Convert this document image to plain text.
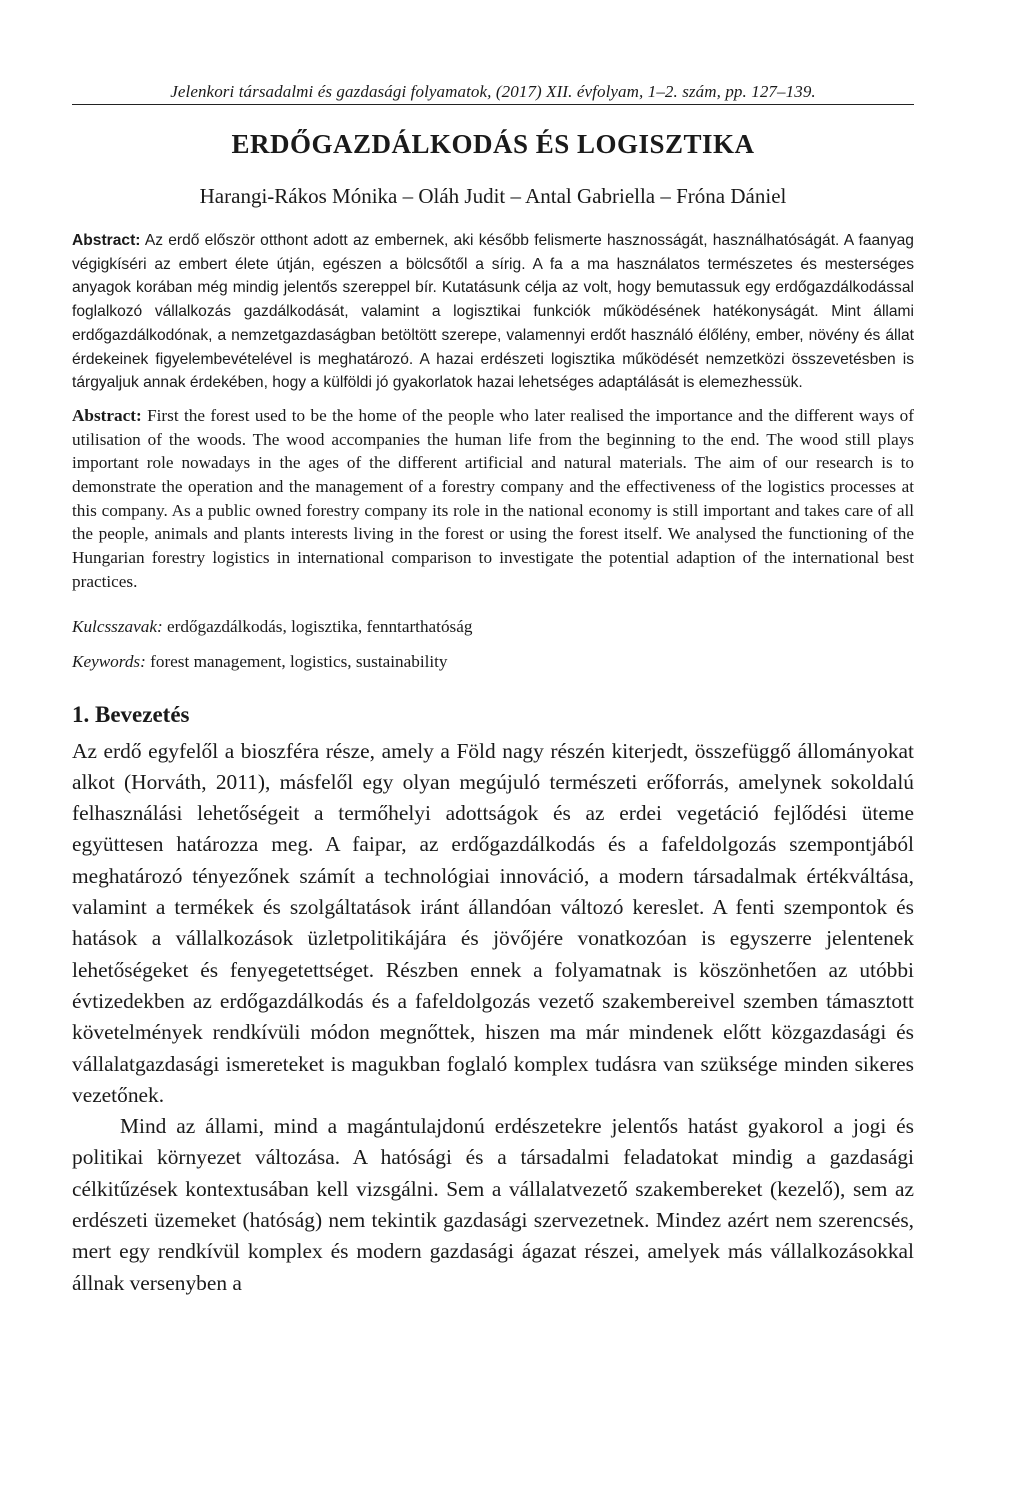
Jelenkori társadalmi és gazdasági folyamatok, (2017) XII. évfolyam, 1–2. szám, pp. 127–139.
ERDŐGAZDÁLKODÁS ÉS LOGISZTIKA
Harangi-Rákos Mónika – Oláh Judit – Antal Gabriella – Fróna Dániel
Abstract: Az erdő először otthont adott az embernek, aki később felismerte hasznosságát, használhatóságát. A faanyag végigkíséri az embert élete útján, egészen a bölcsőtől a sírig. A fa a ma használatos természetes és mesterséges anyagok korában még mindig jelentős szereppel bír. Kutatásunk célja az volt, hogy bemutassuk egy erdőgazdálkodással foglalkozó vállalkozás gazdálkodását, valamint a logisztikai funkciók működésének hatékonyságát. Mint állami erdőgazdálkodónak, a nemzetgazdaságban betöltött szerepe, valamennyi erdőt használó élőlény, ember, növény és állat érdekeinek figyelembevételével is meghatározó. A hazai erdészeti logisztika működését nemzetközi összevetésben is tárgyaljuk annak érdekében, hogy a külföldi jó gyakorlatok hazai lehetséges adaptálását is elemezhessük.
Abstract: First the forest used to be the home of the people who later realised the importance and the different ways of utilisation of the woods. The wood accompanies the human life from the beginning to the end. The wood still plays important role nowadays in the ages of the different artificial and natural materials. The aim of our research is to demonstrate the operation and the management of a forestry company and the effectiveness of the logistics processes at this company. As a public owned forestry company its role in the national economy is still important and takes care of all the people, animals and plants interests living in the forest or using the forest itself. We analysed the functioning of the Hungarian forestry logistics in international comparison to investigate the potential adaption of the international best practices.
Kulcsszavak: erdőgazdálkodás, logisztika, fenntarthatóság
Keywords: forest management, logistics, sustainability
1. Bevezetés

Az erdő egyfelől a bioszféra része, amely a Föld nagy részén kiterjedt, összefüggő állományokat alkot (Horváth, 2011), másfelől egy olyan megújuló természeti erőforrás, amelynek sokoldalú felhasználási lehetőségeit a termőhelyi adottságok és az erdei vegetáció fejlődési üteme együttesen határozza meg. A faipar, az erdőgazdálkodás és a fafeldolgozás szempontjából meghatározó tényezőnek számít a technológiai innováció, a modern társadalmak értékváltása, valamint a termékek és szolgáltatások iránt állandóan változó kereslet. A fenti szempontok és hatások a vállalkozások üzletpolitikájára és jövőjére vonatkozóan is egyszerre jelentenek lehetőségeket és fenyegetettséget. Részben ennek a folyamatnak is köszönhetően az utóbbi évtizedekben az erdőgazdálkodás és a fafeldolgozás vezető szakembereivel szemben támasztott követelmények rendkívüli módon megnőttek, hiszen ma már mindenek előtt közgazdasági és vállalatgazdasági ismereteket is magukban foglaló komplex tudásra van szüksége minden sikeres vezetőnek.

Mind az állami, mind a magántulajdonú erdészetekre jelentős hatást gyakorol a jogi és politikai környezet változása. A hatósági és a társadalmi feladatokat mindig a gazdasági célkitűzések kontextusában kell vizsgálni. Sem a vállalatvezető szakembereket (kezelő), sem az erdészeti üzemeket (hatóság) nem tekintik gazdasági szervezetnek. Mindez azért nem szerencsés, mert egy rendkívül komplex és modern gazdasági ágazat részei, amelyek más vállalkozásokkal állnak versenyben a
